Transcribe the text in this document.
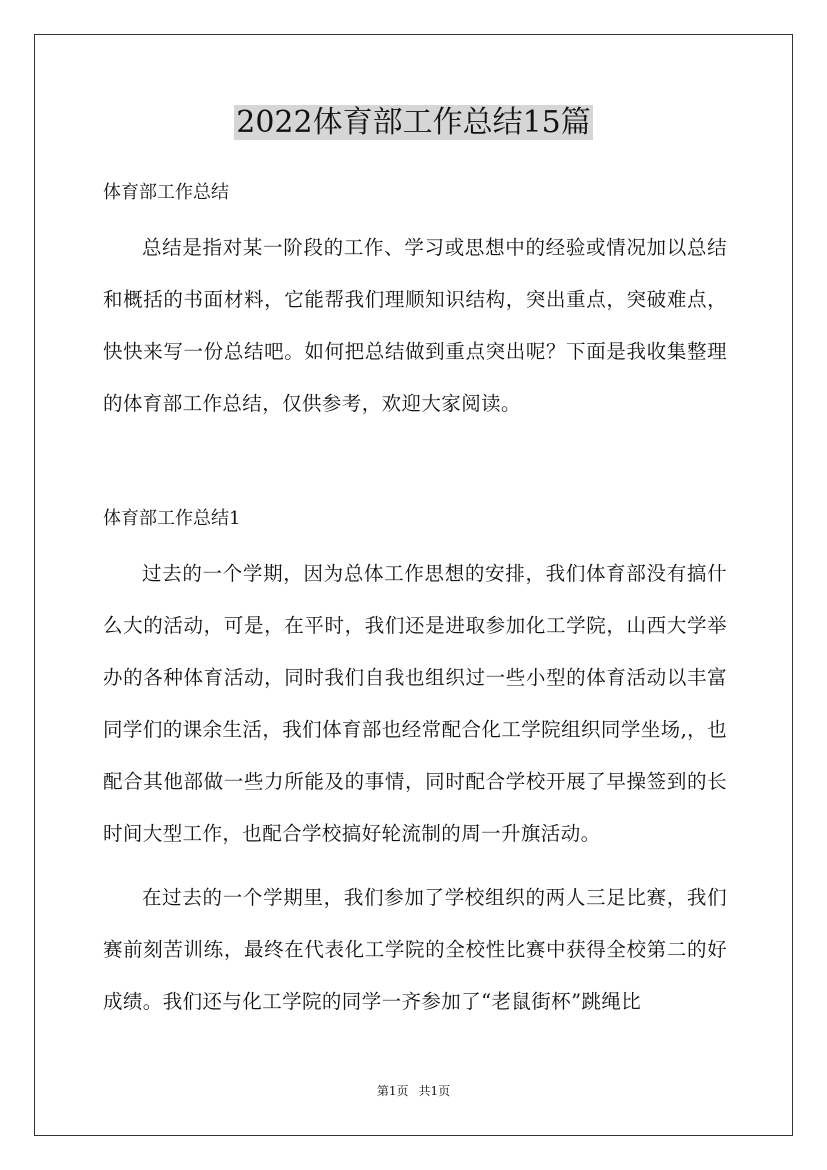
2022体育部工作总结15篇
体育部工作总结

总结是指对某一阶段的工作、学习或思想中的经验或情况加以总结和概括的书面材料，它能帮我们理顺知识结构，突出重点，突破难点，快快来写一份总结吧。如何把总结做到重点突出呢？下面是我收集整理的体育部工作总结，仅供参考，欢迎大家阅读。

体育部工作总结1

过去的一个学期，因为总体工作思想的安排，我们体育部没有搞什么大的活动，可是，在平时，我们还是进取参加化工学院，山西大学举办的各种体育活动，同时我们自我也组织过一些小型的体育活动以丰富同学们的课余生活，我们体育部也经常配合化工学院组织同学坐场,，也配合其他部做一些力所能及的事情，同时配合学校开展了早操签到的长时间大型工作，也配合学校搞好轮流制的周一升旗活动。

在过去的一个学期里，我们参加了学校组织的两人三足比赛，我们赛前刻苦训练，最终在代表化工学院的全校性比赛中获得全校第二的好成绩。我们还与化工学院的同学一齐参加了“老鼠街杯”跳绳比

第1页 共1页
